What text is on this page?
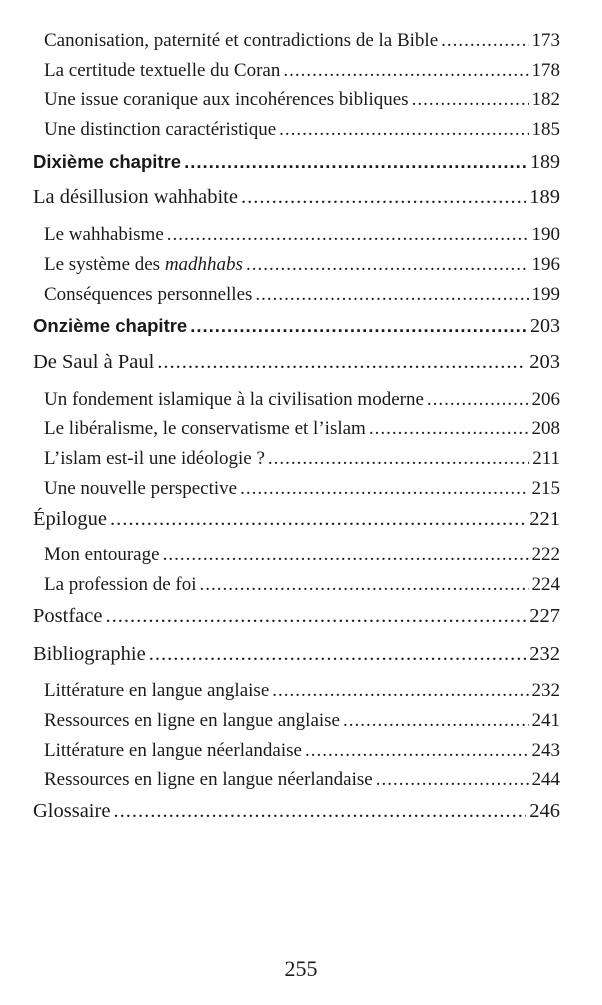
Canonisation, paternité et contradictions de la Bible .....	173
La certitude textuelle du Coran .....	178
Une issue coranique aux incohérences bibliques .....	182
Une distinction caractéristique .....	185
Dixième chapitre .....	189
La désillusion wahhabite .....	189
Le wahhabisme .....	190
Le système des madhhabs .....	196
Conséquences personnelles .....	199
Onzième chapitre .....	203
De Saul à Paul .....	203
Un fondement islamique à la civilisation moderne .....	206
Le libéralisme, le conservatisme et l’islam .....	208
L’islam est-il une idéologie ? .....	211
Une nouvelle perspective .....	215
Épilogue .....	221
Mon entourage .....	222
La profession de foi .....	224
Postface .....	227
Bibliographie .....	232
Littérature en langue anglaise .....	232
Ressources en ligne en langue anglaise .....	241
Littérature en langue néerlandaise .....	243
Ressources en ligne en langue néerlandaise .....	244
Glossaire .....	246
255
